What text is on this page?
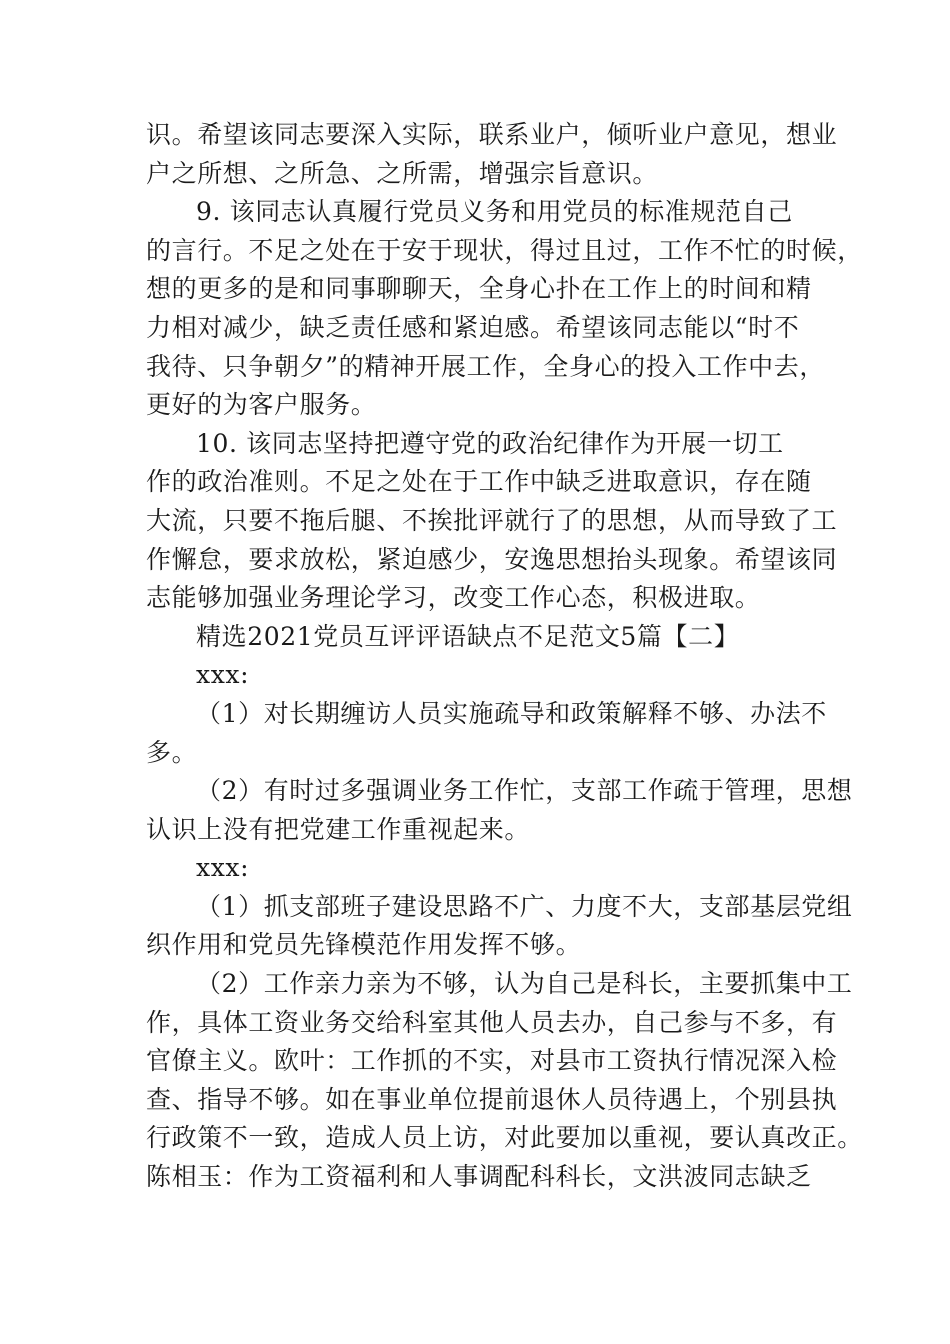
识。希望该同志要深入实际，联系业户，倾听业户意见，想业
户之所想、之所急、之所需，增强宗旨意识。
9. 该同志认真履行党员义务和用党员的标准规范自己
的言行。不足之处在于安于现状，得过且过，工作不忙的时候，
想的更多的是和同事聊聊天，全身心扑在工作上的时间和精
力相对减少，缺乏责任感和紧迫感。希望该同志能以“时不
我待、只争朝夕”的精神开展工作，全身心的投入工作中去，
更好的为客户服务。
10. 该同志坚持把遵守党的政治纪律作为开展一切工
作的政治准则。不足之处在于工作中缺乏进取意识，存在随
大流，只要不拖后腿、不挨批评就行了的思想，从而导致了工
作懈怠，要求放松，紧迫感少，安逸思想抬头现象。希望该同
志能够加强业务理论学习，改变工作心态，积极进取。
精选2021党员互评评语缺点不足范文5篇【二】
xxx:
（1）对长期缠访人员实施疏导和政策解释不够、办法不
多。
（2）有时过多强调业务工作忙，支部工作疏于管理，思想
认识上没有把党建工作重视起来。
xxx:
（1）抓支部班子建设思路不广、力度不大，支部基层党组
织作用和党员先锋模范作用发挥不够。
（2）工作亲力亲为不够，认为自己是科长，主要抓集中工
作，具体工资业务交给科室其他人员去办，自己参与不多，有
官僚主义。欧叶：工作抓的不实，对县市工资执行情况深入检
查、指导不够。如在事业单位提前退休人员待遇上，个别县执
行政策不一致，造成人员上访，对此要加以重视，要认真改正。
陈相玉：作为工资福利和人事调配科科长，文洪波同志缺乏
